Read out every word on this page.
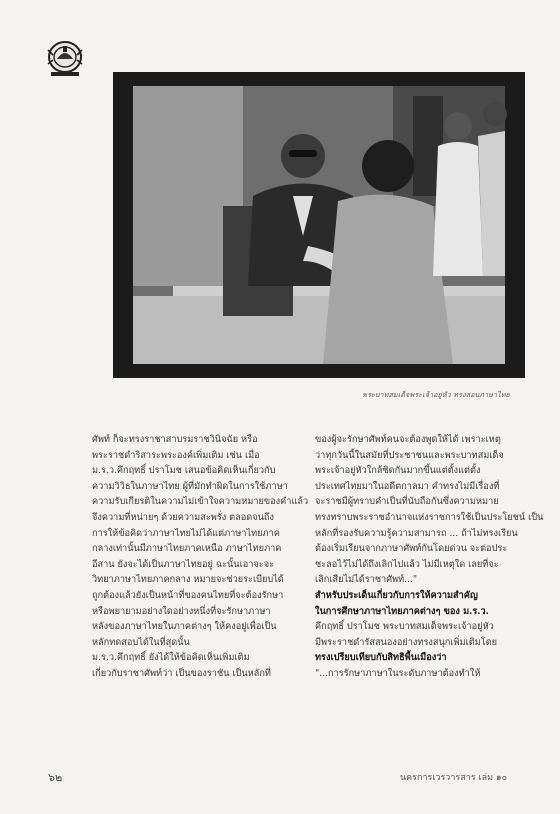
พระบาทสมเด็จพระเจ้าอยู่หัว ทรงสอบภาษาไทย

ศัพท์ ก็จะทรงราชาสาบรมราชวินิจฉัย หรือ

พระราชดำริสาระพระองค์เพิ่มเติม เช่น เมื่อ

ม.ร.ว.คึกฤทธิ์ ปราโมช เสนอข้อคิดเห็นเกี่ยวกับ

ความวิวิธในภาษาไทย ผู้ที่มักทำผิดในการใช้ภาษา

ความรับเกียรติในความไม่เข้าใจความหมายของคำแล้ว

จึงความที่หน่ายๆ ด้วยความสะพรั่ง ตลอดจนถึง

การให้ข้อคิดว่าภาษาไทยไม่ได้แต่ภาษาไทยภาค

กลางเท่านั้นมีภาษาไทยภาคเหนือ ภาษาไทยภาค

อีสาน ยังจะได้เป็นภาษาไทยอยู่ ฉะนั้นเอาจะจะ

วิทยาภาษาไทยภาคกลาง หมายจะช่วยระเบียบได้

ถูกต้องแล้วยังเป็นหน้าที่ของคนไทยที่จะต้องรักษา

หรือพยายามอย่างใดอย่างหนึ่งที่จะรักษาภาษา

หลังของภาษาไทยในภาคต่างๆ ให้คงอยู่เพื่อเป็น

หลักทดสอบได้ในที่สุดนั้น

ม.ร.ว.คึกฤทธิ์ ยังได้ให้ข้อคิดเห็นเพิ่มเติม

เกี่ยวกับราชาศัพท์ว่า เป็นของราชัน เป็นหลักที่

ของผู้จะรักษาศัพท์คนจะต้องพูดให้ได้ เพราะเหตุ

ว่าทุกวันนี้ในสมัยที่ประชาชนและพระบาทสมเด็จ

พระเจ้าอยู่หัวใกล้ชิดกันมากขึ้นแต่ตั้งแต่ตั้ง

ประเทศไทยมาในอดีตกาลมา คำทรงไม่มีเรื่องที่

จะราชมีผู้ทราบคำเป็นที่นับถือกันซึ่งความหมาย

ทรงทราบพระราชอำนาจแห่งราชการใช้เป็นประโยชน์ เป็น

หลักที่รองรับความรู้ความสามารถ ... ถ้าไม่ทรงเรียน

ต้องเริ่มเรียนจากภาษาศัพท์กันโดยด่วน จะต่อประ

ชะลอไว้ไม่ได้ถึงเลิกไปแล้ว ไม่มีเหตุใด เลยที่จะ

เลิกเสียไม่ได้ราชาศัพท์..."

สำหรับประเด็นเกี่ยวกับการให้ความสำคัญ

ในการศึกษาภาษาไทยภาคต่างๆ ของ ม.ร.ว.

คึกฤทธิ์ ปราโมช พระบาทสมเด็จพระเจ้าอยู่หัว

มีพระราชดำรัสสนองอย่างทรงสนุกเพิ่มเติมโดย

ทรงเปรียบเทียบกับสิทธิพื้นเมืองว่า

"...การรักษาภาษาในระดับภาษาต้องทำให้

๖๒	นครการเวรวารสาร เล่ม ๑๐
